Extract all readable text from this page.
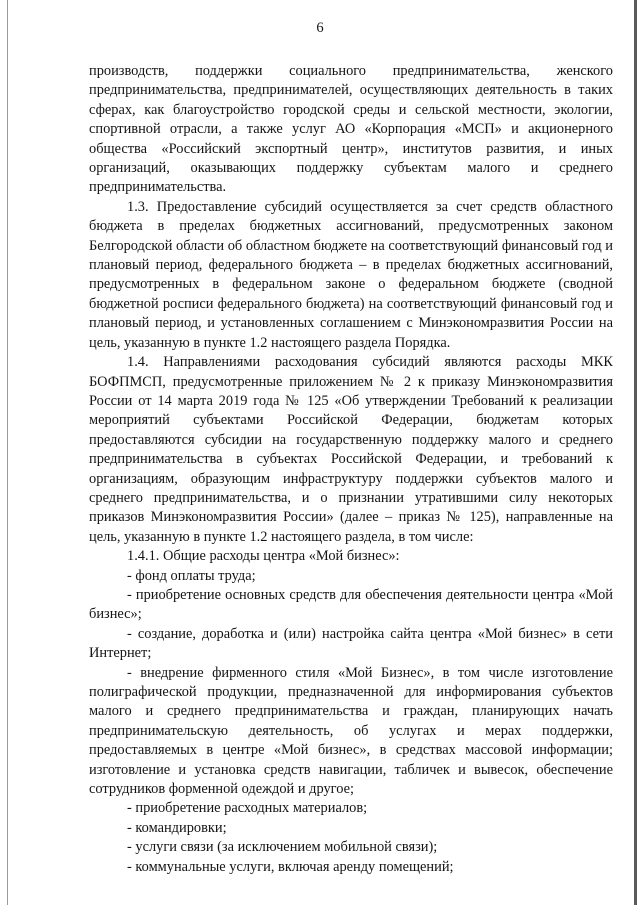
6

производств, поддержки социального предпринимательства, женского предпринимательства, предпринимателей, осуществляющих деятельность в таких сферах, как благоустройство городской среды и сельской местности, экологии, спортивной отрасли, а также услуг АО «Корпорация «МСП» и акционерного общества «Российский экспортный центр», институтов развития, и иных организаций, оказывающих поддержку субъектам малого и среднего предпринимательства.

1.3. Предоставление субсидий осуществляется за счет средств областного бюджета в пределах бюджетных ассигнований, предусмотренных законом Белгородской области об областном бюджете на соответствующий финансовый год и плановый период, федерального бюджета – в пределах бюджетных ассигнований, предусмотренных в федеральном законе о федеральном бюджете (сводной бюджетной росписи федерального бюджета) на соответствующий финансовый год и плановый период, и установленных соглашением с Минэкономразвития России на цель, указанную в пункте 1.2 настоящего раздела Порядка.

1.4. Направлениями расходования субсидий являются расходы МКК БОФПМСП, предусмотренные приложением № 2 к приказу Минэкономразвития России от 14 марта 2019 года № 125 «Об утверждении Требований к реализации мероприятий субъектами Российской Федерации, бюджетам которых предоставляются субсидии на государственную поддержку малого и среднего предпринимательства в субъектах Российской Федерации, и требований к организациям, образующим инфраструктуру поддержки субъектов малого и среднего предпринимательства, и о признании утратившими силу некоторых приказов Минэкономразвития России» (далее – приказ № 125), направленные на цель, указанную в пункте 1.2 настоящего раздела, в том числе:

1.4.1. Общие расходы центра «Мой бизнес»:

- фонд оплаты труда;

- приобретение основных средств для обеспечения деятельности центра «Мой бизнес»;

- создание, доработка и (или) настройка сайта центра «Мой бизнес» в сети Интернет;

- внедрение фирменного стиля «Мой Бизнес», в том числе изготовление полиграфической продукции, предназначенной для информирования субъектов малого и среднего предпринимательства и граждан, планирующих начать предпринимательскую деятельность, об услугах и мерах поддержки, предоставляемых в центре «Мой бизнес», в средствах массовой информации; изготовление и установка средств навигации, табличек и вывесок, обеспечение сотрудников форменной одеждой и другое;

- приобретение расходных материалов;

- командировки;

- услуги связи (за исключением мобильной связи);

- коммунальные услуги, включая аренду помещений;
